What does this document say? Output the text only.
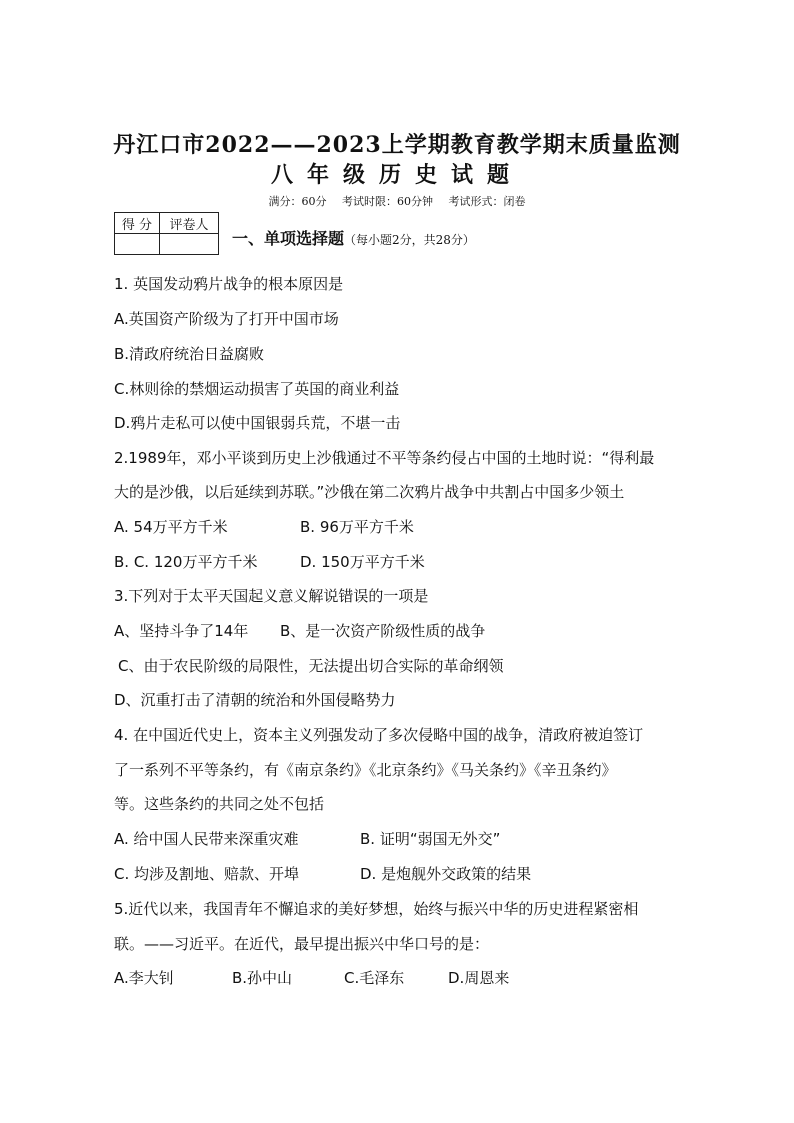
丹江口市2022——2023上学期教育教学期末质量监测
八年级历史试题
满分：60分 考试时限：60分钟 考试形式：闭卷
得 分	评卷人

一、单项选择题（每小题2分，共28分）
1. 英国发动鸦片战争的根本原因是
A.英国资产阶级为了打开中国市场
B.清政府统治日益腐败
C.林则徐的禁烟运动损害了英国的商业利益
D.鸦片走私可以使中国银弱兵荒，不堪一击
2.1989年，邓小平谈到历史上沙俄通过不平等条约侵占中国的土地时说：“得利最
大的是沙俄，以后延续到苏联。”沙俄在第二次鸦片战争中共割占中国多少领土
A. 54万平方千米	B. 96万平方千米
B. C. 120万平方千米	D. 150万平方千米
3.下列对于太平天国起义意义解说错误的一项是
A、坚持斗争了14年 B、是一次资产阶级性质的战争
C、由于农民阶级的局限性，无法提出切合实际的革命纲领
D、沉重打击了清朝的统治和外国侵略势力
4. 在中国近代史上，资本主义列强发动了多次侵略中国的战争，清政府被迫签订
了一系列不平等条约，有《南京条约》《北京条约》《马关条约》《辛丑条约》
等。这些条约的共同之处不包括
A. 给中国人民带来深重灾难	B. 证明“弱国无外交”
C. 均涉及割地、赔款、开埠	D. 是炮舰外交政策的结果
5.近代以来，我国青年不懈追求的美好梦想，始终与振兴中华的历史进程紧密相
联。——习近平。在近代，最早提出振兴中华口号的是：
A.李大钊	B.孙中山	C.毛泽东	D.周恩来
